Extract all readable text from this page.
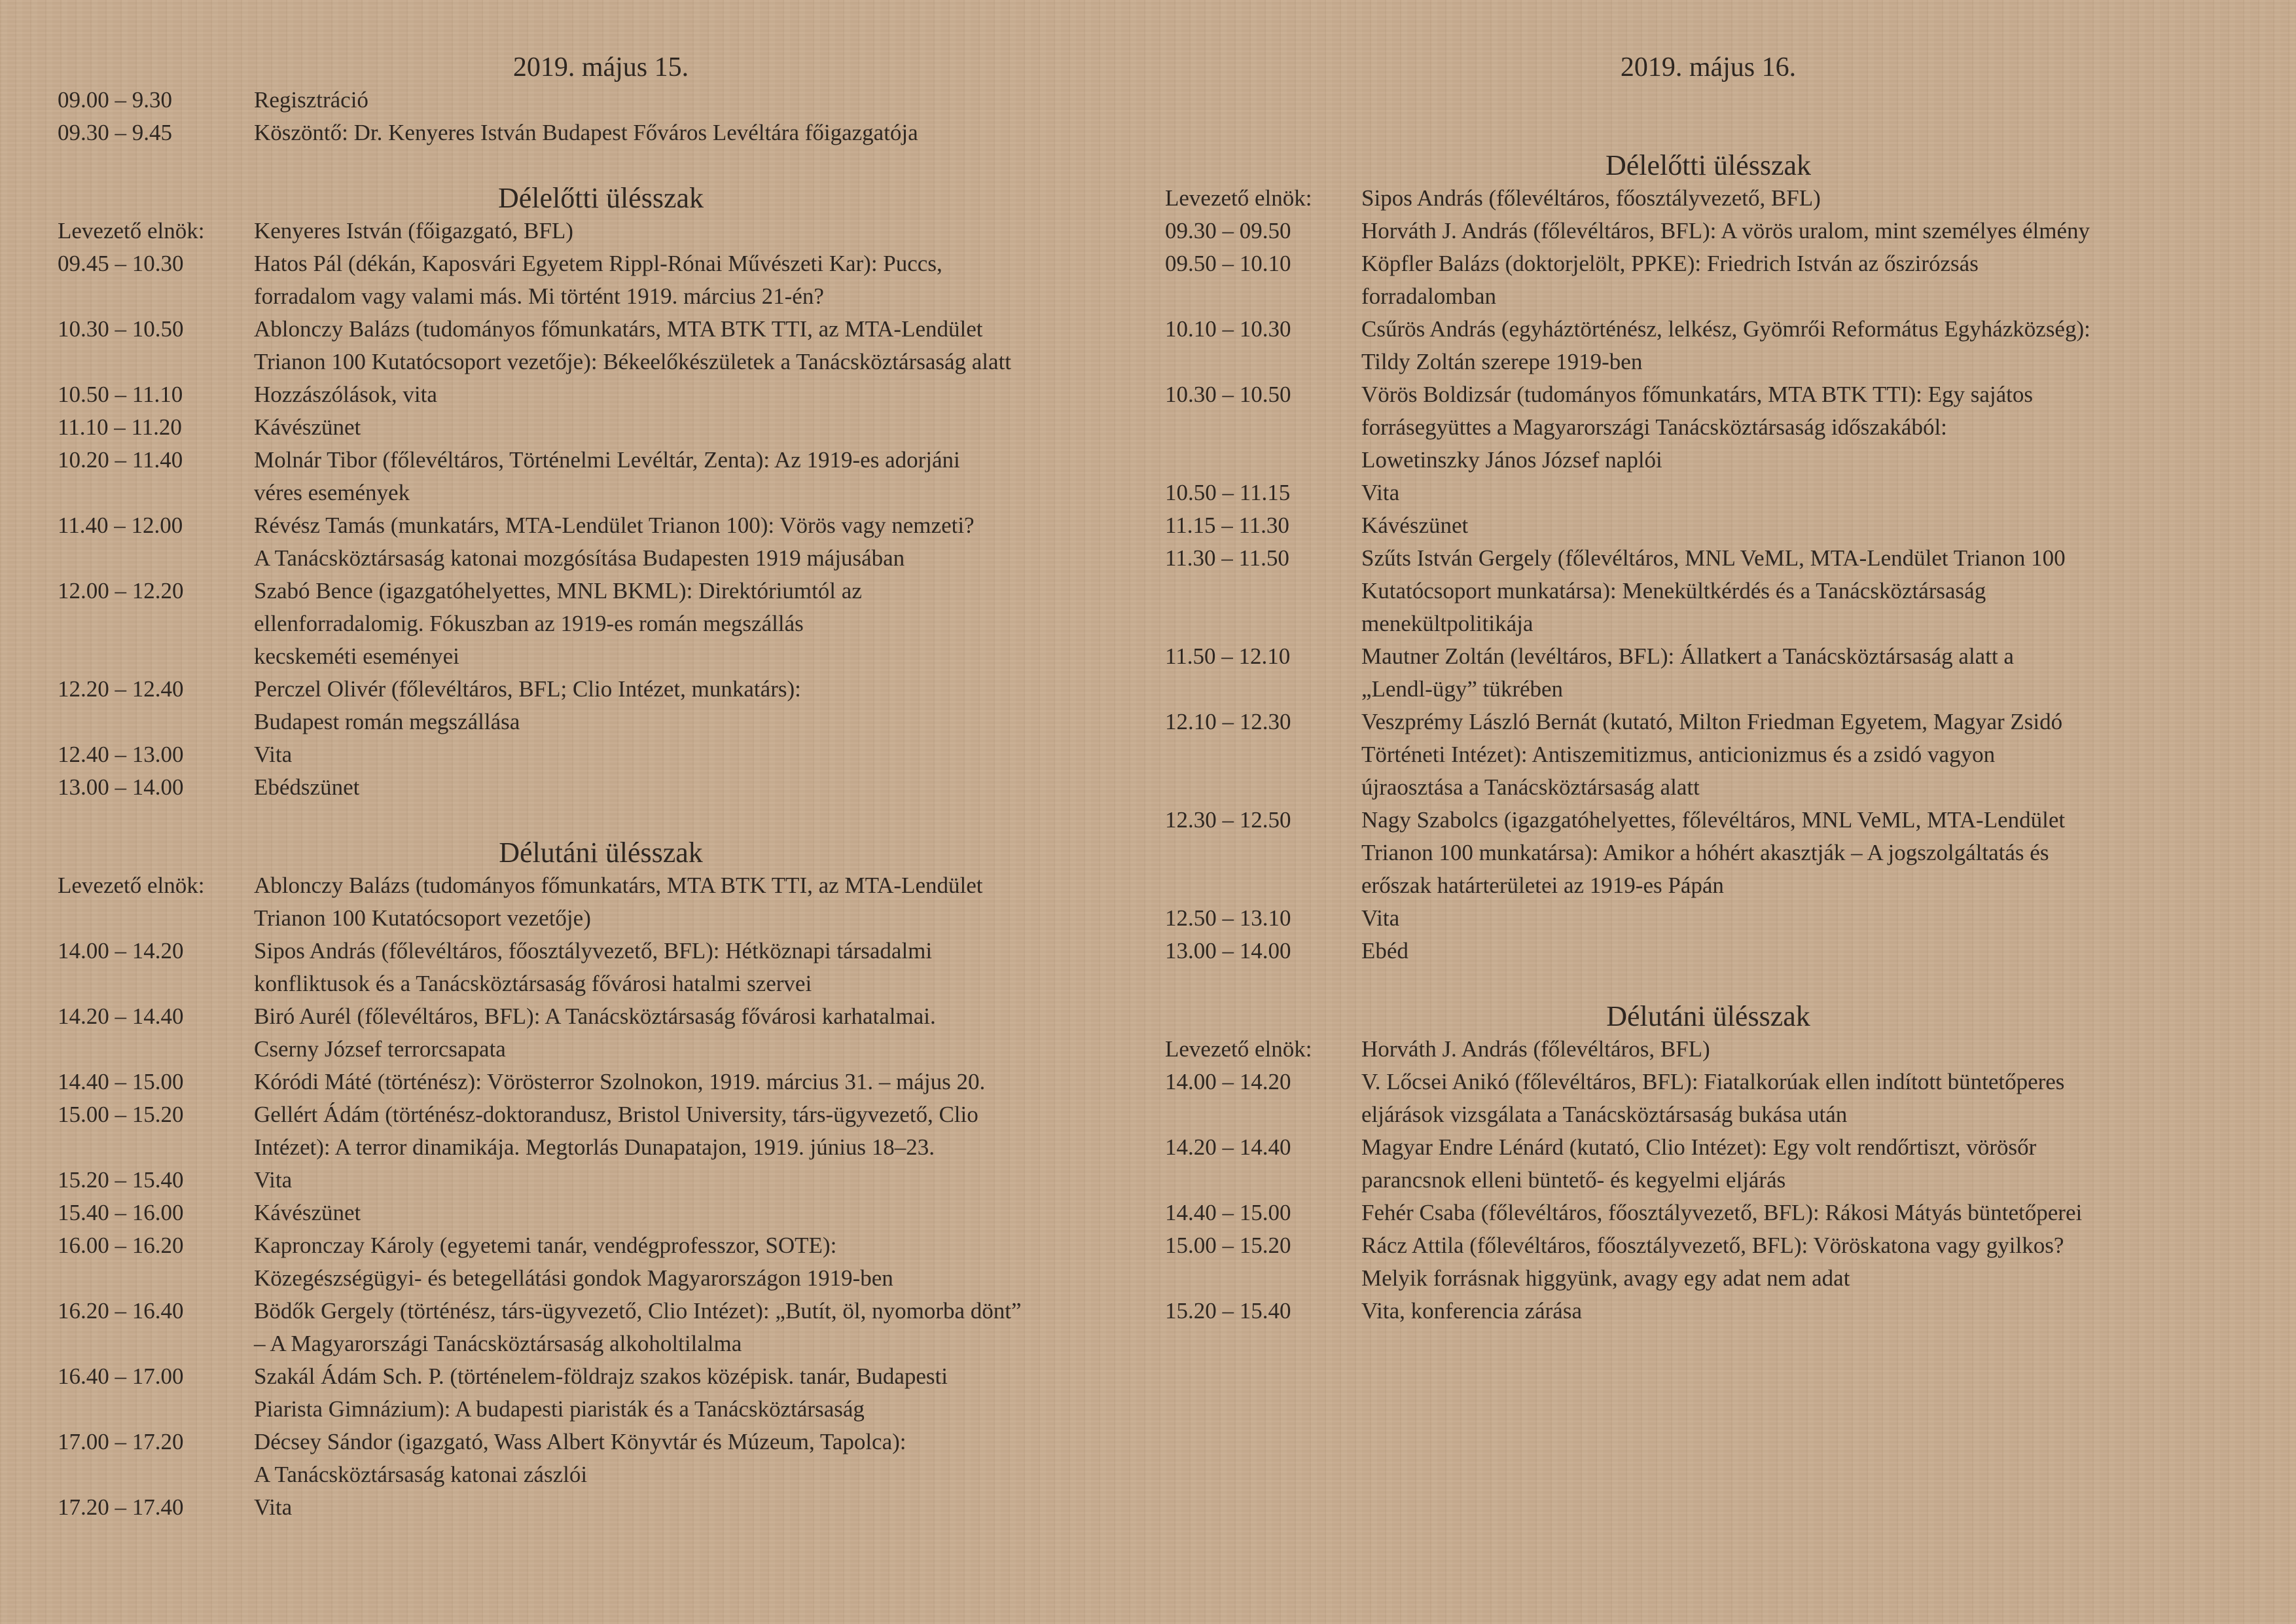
2019. május 15.
09.00 – 9.30	Regisztráció
09.30 – 9.45	Köszöntő: Dr. Kenyeres István Budapest Főváros Levéltára főigazgatója
Délelőtti ülésszak
Levezető elnök:	Kenyeres István (főigazgató, BFL)
09.45 – 10.30	Hatos Pál (dékán, Kaposvári Egyetem Rippl-Rónai Művészeti Kar): Puccs,
forradalom vagy valami más. Mi történt 1919. március 21-én?
10.30 – 10.50	Ablonczy Balázs (tudományos főmunkatárs, MTA BTK TTI, az MTA-Lendület
Trianon 100 Kutatócsoport vezetője): Békeelőkészületek a Tanácsköztársaság alatt
10.50 – 11.10	Hozzászólások, vita
11.10 – 11.20	Kávészünet
10.20 – 11.40	Molnár Tibor (főlevéltáros, Történelmi Levéltár, Zenta): Az 1919-es adorjáni
véres események
11.40 – 12.00	Révész Tamás (munkatárs, MTA-Lendület Trianon 100): Vörös vagy nemzeti?
A Tanácsköztársaság katonai mozgósítása Budapesten 1919 májusában
12.00 – 12.20	Szabó Bence (igazgatóhelyettes, MNL BKML): Direktóriumtól az
ellenforradalomig. Fókuszban az 1919-es román megszállás
kecskeméti eseményei
12.20 – 12.40	Perczel Olivér (főlevéltáros, BFL; Clio Intézet, munkatárs):
Budapest román megszállása
12.40 – 13.00	Vita
13.00 – 14.00	Ebédszünet
Délutáni ülésszak
Levezető elnök:	Ablonczy Balázs (tudományos főmunkatárs, MTA BTK TTI, az MTA-Lendület
Trianon 100 Kutatócsoport vezetője)
14.00 – 14.20	Sipos András (főlevéltáros, főosztályvezető, BFL): Hétköznapi társadalmi
konfliktusok és a Tanácsköztársaság fővárosi hatalmi szervei
14.20 – 14.40	Biró Aurél (főlevéltáros, BFL): A Tanácsköztársaság fővárosi karhatalmai.
Cserny József terrorcsapata
14.40 – 15.00	Kóródi Máté (történész): Vörösterror Szolnokon, 1919. március 31. – május 20.
15.00 – 15.20	Gellért Ádám (történész-doktorandusz, Bristol University, társ-ügyvezető, Clio
Intézet): A terror dinamikája. Megtorlás Dunapatajon, 1919. június 18–23.
15.20 – 15.40	Vita
15.40 – 16.00	Kávészünet
16.00 – 16.20	Kapronczay Károly (egyetemi tanár, vendégprofesszor, SOTE):
Közegészségügyi- és betegellátási gondok Magyarországon 1919-ben
16.20 – 16.40	Bödők Gergely (történész, társ-ügyvezető, Clio Intézet): „Butít, öl, nyomorba dönt”
– A Magyarországi Tanácsköztársaság alkoholtilalma
16.40 – 17.00	Szakál Ádám Sch. P. (történelem-földrajz szakos középisk. tanár, Budapesti
Piarista Gimnázium): A budapesti piaristák és a Tanácsköztársaság
17.00 – 17.20	Décsey Sándor (igazgató, Wass Albert Könyvtár és Múzeum, Tapolca):
A Tanácsköztársaság katonai zászlói
17.20 – 17.40	Vita
2019. május 16.
Délelőtti ülésszak
Levezető elnök:	Sipos András (főlevéltáros, főosztályvezető, BFL)
09.30 – 09.50	Horváth J. András (főlevéltáros, BFL): A vörös uralom, mint személyes élmény
09.50 – 10.10	Köpfler Balázs (doktorjelölt, PPKE): Friedrich István az őszirózsás
forradalomban
10.10 – 10.30	Csűrös András (egyháztörténész, lelkész, Gyömrői Református Egyházközség):
Tildy Zoltán szerepe 1919-ben
10.30 – 10.50	Vörös Boldizsár (tudományos főmunkatárs, MTA BTK TTI): Egy sajátos
forrásegyüttes a Magyarországi Tanácsköztársaság időszakából:
Lowetinszky János József naplói
10.50 – 11.15	Vita
11.15 – 11.30	Kávészünet
11.30 – 11.50	Szűts István Gergely (főlevéltáros, MNL VeML, MTA-Lendület Trianon 100
Kutatócsoport munkatársa): Menekültkérdés és a Tanácsköztársaság
menekültpolitikája
11.50 – 12.10	Mautner Zoltán (levéltáros, BFL): Állatkert a Tanácsköztársaság alatt a
„Lendl-ügy” tükrében
12.10 – 12.30	Veszprémy László Bernát (kutató, Milton Friedman Egyetem, Magyar Zsidó
Történeti Intézet): Antiszemitizmus, anticionizmus és a zsidó vagyon
újraosztása a Tanácsköztársaság alatt
12.30 – 12.50	Nagy Szabolcs (igazgatóhelyettes, főlevéltáros, MNL VeML, MTA-Lendület
Trianon 100 munkatársa): Amikor a hóhért akasztják – A jogszolgáltatás és
erőszak határterületei az 1919-es Pápán
12.50 – 13.10	Vita
13.00 – 14.00	Ebéd
Délutáni ülésszak
Levezető elnök:	Horváth J. András (főlevéltáros, BFL)
14.00 – 14.20	V. Lőcsei Anikó (főlevéltáros, BFL): Fiatalkorúak ellen indított büntetőperes
eljárások vizsgálata a Tanácsköztársaság bukása után
14.20 – 14.40	Magyar Endre Lénárd (kutató, Clio Intézet): Egy volt rendőrtiszt, vörösőr
parancsnok elleni büntető- és kegyelmi eljárás
14.40 – 15.00	Fehér Csaba (főlevéltáros, főosztályvezető, BFL): Rákosi Mátyás büntetőperei
15.00 – 15.20	Rácz Attila (főlevéltáros, főosztályvezető, BFL): Vöröskatona vagy gyilkos?
Melyik forrásnak higgyünk, avagy egy adat nem adat
15.20 – 15.40	Vita, konferencia zárása
